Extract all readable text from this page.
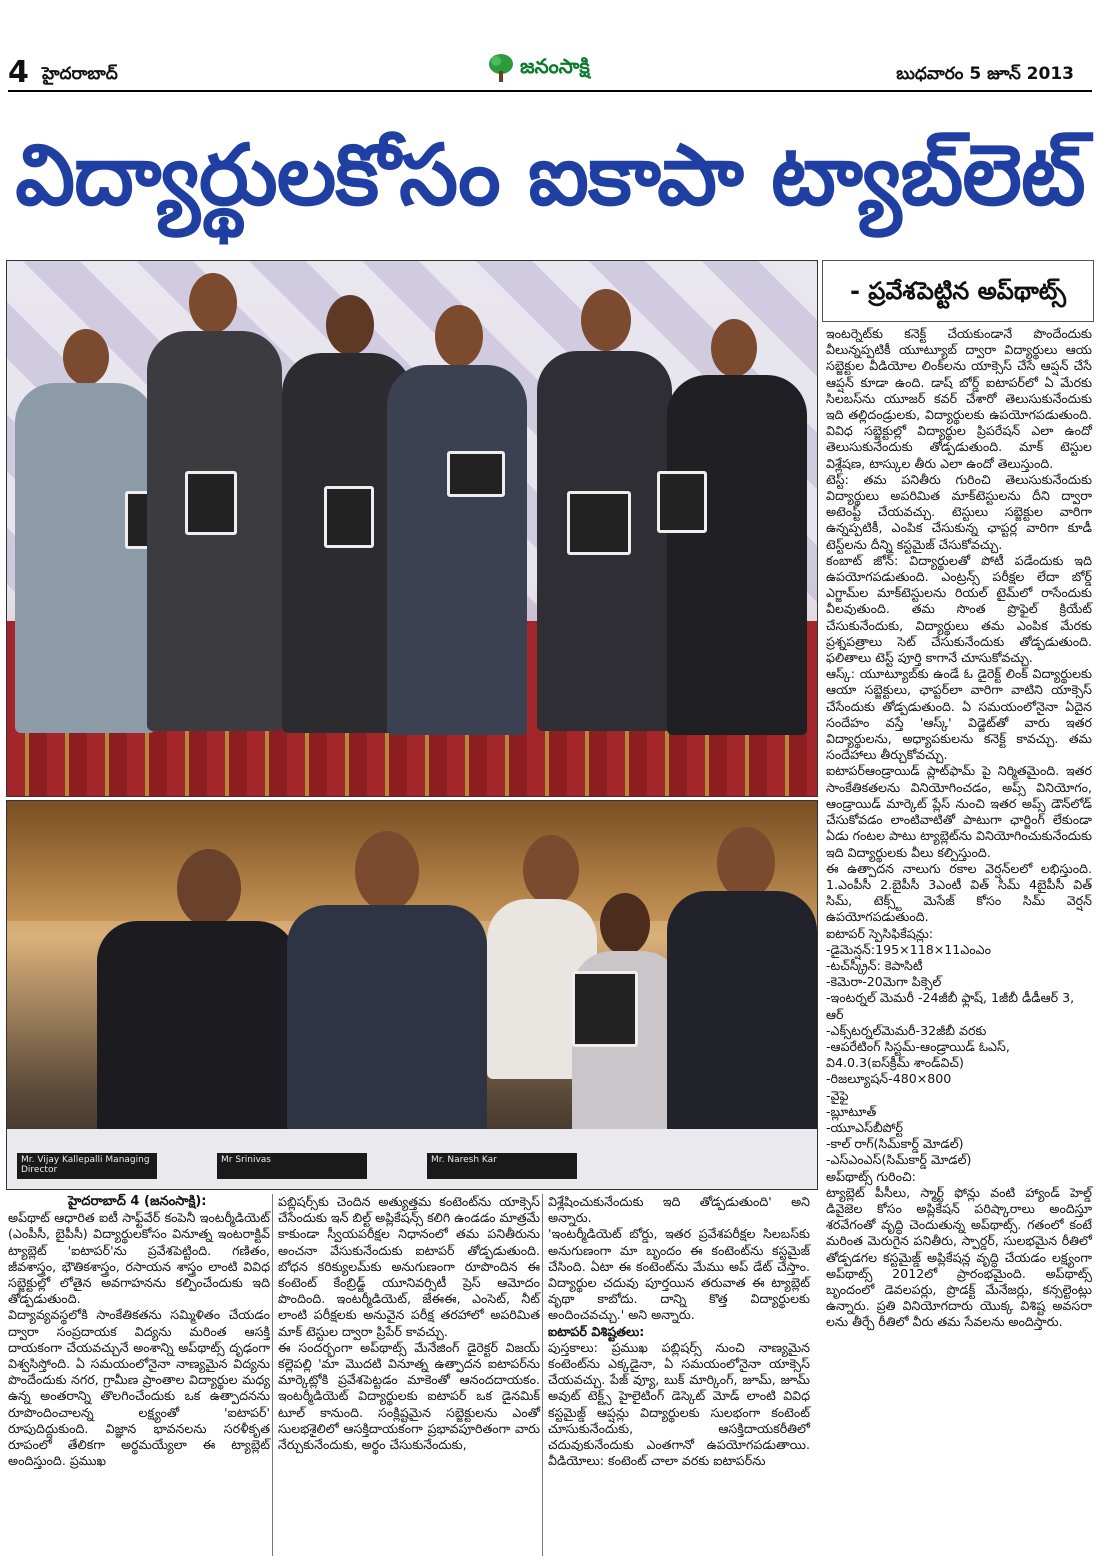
4 హైదరాబాద్	జనంసాక్షి	బుధవారం 5 జూన్ 2013
విద్యార్థులకోసం ఐకాపా ట్యాబ్‌లెట్
Mr. Vijay Kallepalli Managing Director
Mr Srinivas	Mr. Naresh Kar
- ప్రవేశపెట్టిన అప్‌థాట్స్

ఇంటర్నెట్‌కు కనెక్ట్ చేయకుండానే పొందేందుకు వీలున్నప్పటికీ యూట్యూబ్ ద్వారా విద్యార్థులు ఆయ సబ్జెక్టుల వీడియోల లింక్‌లను యాక్సెస్ చేసే ఆప్షన్ చేసే ఆప్షన్ కూడా ఉంది. డాష్ బోర్డ్ ఐటాపర్‌లో ఏ మేరకు సిలబస్‌ను యూజర్ కవర్ చేశారో తెలుసుకునేందుకు ఇది తల్లిదండ్రులకు, విద్యార్థులకు ఉపయోగపడుతుంది. వివిధ సబ్జెక్టుల్లో విద్యార్థుల ప్రిపరేషన్ ఎలా ఉందో తెలుసుకునేందుకు తోడ్పడుతుంది. మాక్ టెస్టుల విశ్లేషణ, టాస్కుల తీరు ఎలా ఉందో తెలుస్తుంది.

టెస్ట్: తమ పనితీరు గురించి తెలుసుకునేందుకు విద్యార్థులు అపరిమిత మాక్‌టెస్టులను దీని ద్వారా అటెంప్ట్ చేయవచ్చు. టెస్టులు సబ్జెక్టుల వారిగా ఉన్నప్పటికీ, ఎంపిక చేసుకున్న ఛాప్టర్ల వారిగా కూడీ టెస్ట్‌లను దీన్ని కస్టమైజ్ చేసుకోవచ్చు.

కంబాట్ జోన్: విద్యార్థులతో పోటీ పడేందుకు ఇది ఉపయోగపడుతుంది. ఎంట్రన్స్ పరీక్షల లేదా బోర్డ్ ఎగ్జామ్‌ల మాక్‌టెస్టులను రియల్ టైమ్‌లో రాసేందుకు వీలవుతుంది. తమ సొంత ప్రొఫైల్ క్రియేట్ చేసుకునేందుకు, విద్యార్థులు తమ ఎంపిక మేరకు ప్రశ్నపత్రాలు సెట్ చేసుకునేందుకు తోడ్పడుతుంది. ఫలితాలు టెస్ట్ పూర్తి కాగానే చూసుకోవచ్చు.

ఆస్క్: యూట్యూబ్‌కు ఉండే ఓ డైరెక్ట్ లింక్ విద్యార్థులకు ఆయా సబ్జెక్టులు, ఛాప్టర్‌లా వారిగా వాటిని యాక్సెస్ చేసేందుకు తోడ్పడుతుంది. ఏ సమయంలోనైనా ఏదైన సందేహం వస్తే 'ఆస్క్' విడ్జెట్‌తో వారు ఇతర విద్యార్థులను, అధ్యాపకులను కనెక్ట్ కావచ్చు. తమ సందేహాలు తీర్చుకోవచ్చు.

ఐటాపర్‌ఆండ్రాయిడ్ ప్లాట్‌ఫామ్‌ పై నిర్మితమైంది. ఇతర సాంకేతికతలను వినియోగించడం, అప్స్ వినియోగం, ఆండ్రాయిడ్ మార్కెట్ ప్లేస్ నుంచి ఇతర అప్స్ డౌన్‌లోడ్ చేసుకోవడం లాంటివాటితో పాటుగా ఛార్జింగ్ లేకుండా ఏడు గంటల పాటు ట్యాబ్లెట్‌ను వినియోగించుకునేందుకు ఇది విద్యార్థులకు వీలు కల్పిస్తుంది.

ఈ ఉత్పాదన నాలుగు రకాల వెర్షన్‌లలో లభిస్తుంది. 1.ఎంపీసీ 2.బైపీసీ 3ఎంటీ విత్ సిమ్ 4బైపీసీ విత్ సిమ్, టెక్స్ట్ మెసేజ్ కోసం సిమ్ వెర్షన్ ఉపయోగపడుతుంది.

ఐటాపర్ స్పెసిఫికేషన్లు:

-డైమెన్షన్:195×118×11ఎంఎం
-టచ్‌స్క్రీన్: కెపాసిటీ
-కెమెరా-20మెగా పిక్సెల్
-ఇంటర్నల్ మెమరీ -24జీబీ ఫ్లాష్, 1జీబీ డీడీఆర్ 3, ఆర్
-ఎక్స్‌టర్నల్‌మెమరీ-32జీబీ వరకు
-ఆపరేటింగ్ సిస్టమ్-ఆండ్రాయిడ్ ఓఎస్, వి4.0.3(ఐస్‌క్రీమ్ శాండ్‌విచ్)
-రిజల్యూషన్-480×800
-వైఫై
-బ్లూటూత్
-యూఎస్‌బీపోర్ట్
-కాల్ రాగ్(సిమ్‌కార్డ్ మోడల్)
-ఎస్ఎంఎస్(సిమ్‌కార్డ్ మోడల్)

అప్‌థాట్స్ గురించి:

ట్యాబ్లెట్ పీసీలు, స్మార్ట్ ఫోన్లు వంటి హ్యాండ్ హెల్డ్ డివైజెల కోసం అప్లికేషన్ పరిష్కారాలు అందిస్తూ శరవేగంతో వృద్ధి చెందుతున్న అప్‌థాట్స్. గతంలో కంటే మరింత మెరుగైన పనితీరు, స్పార్డర్, సులభమైన రీతిలో తోడ్పడగల కస్టమైజ్డ్ అప్లికేషన్ల వృద్ధి చేయడం లక్ష్యంగా అప్‌థాట్స్ 2012లో ప్రారంభమైంది. అప్‌థాట్స్ బృందంలో డెవలపర్లు, ప్రొడక్ట్ మేనేజర్లు, కన్సల్టెంట్లు ఉన్నారు. ప్రతి వినియోగదారు యొక్క విశిష్ట అవసరా లను తీర్చే రీతిలో వీరు తమ సేవలను అందిస్తారు.

హైదరాబాద్ 4 (జనంసాక్షి):

అప్‌థాట్ ఆధారిత ఐటీ సాఫ్ట్‌వేర్ కంపెనీ ఇంటర్మీడియెట్ (ఎంపీసీ, బైపీసీ) విద్యార్థులకోసం వినూత్న ఇంటరాక్టివ్ ట్యాబ్లెట్ 'ఐటాపర్'ను ప్రవేశపెట్టింది. గణితం, జీవశాస్త్రం, భౌతికశాస్త్రం, రసాయన శాస్త్రం లాంటి వివిధ సబ్జెక్టుల్లో లోతైన అవగాహనను కల్పించేందుకు ఇది తోడ్పడుతుంది.

విద్యావ్యవస్థలోకి సాంకేతికతను సమ్మిళితం చేయడం ద్వారా సంప్రదాయక విద్యను మరింత ఆసక్తి దాయకంగా చేయవచ్చునే అంశాన్ని అప్‌థాట్స్ దృఢంగా విశ్వసిస్తోంది. ఏ సమయంలోనైనా నాణ్యమైన విద్యను పొందేందుకు నగర, గ్రామీణ ప్రాంతాల విద్యార్థుల మధ్య ఉన్న అంతరాన్ని తొలగించేందుకు ఒక ఉత్పాదనను రూపొందించాలన్న లక్ష్యంతో 'ఐటాపర్' రూపుదిద్దుకుంది. విజ్ఞాన భావనలను సరళీకృత రూపంలో తేలికగా అర్థమయ్యేలా ఈ ట్యాబ్లెట్ అందిస్తుంది. ప్రముఖ

పబ్లిషర్స్‌కు చెందిన అత్యుత్తమ కంటెంట్‌ను యాక్సెస్ చేసేందుకు ఇన్ బిల్ట్ అప్లికేషన్స్ కలిగి ఉండడం మాత్రమే కాకుండా స్వీయపరీక్షల నిధానంలో తమ పనితీరును అంచనా వేసుకునేందుకు ఐటాపర్ తోడ్పడుతుంది. బోధన కరిక్యులమ్‌కు అనుగుణంగా రూపొందిన ఈ కంటెంట్ కేంబ్రిడ్జ్ యూనివర్సిటీ ప్రెస్ ఆమోదం పొందింది. ఇంటర్మీడియెట్, జేఈఈ, ఎంసెట్, నీట్ లాంటి పరీక్షలకు అనువైన పరీక్ష తరహాలో అపరిమిత మాక్ టెస్టుల ద్వారా ప్రిపేర్ కావచ్చు.

ఈ సందర్భంగా అప్‌థాట్స్ మేనేజింగ్ డైరెక్టర్ విజయ్ కల్లెపల్లి 'మా మొదటి వినూత్న ఉత్పాదన ఐటాపర్‌ను మార్కెట్లోకి ప్రవేశపెట్టడం మాకెంతో ఆనందదాయకం. ఇంటర్మీడియెట్ విద్యార్థులకు ఐటాపర్ ఒక డైనమిక్ టూల్ కానుంది. సంక్లిష్టమైన సబ్జెక్టులను ఎంతో సులభశైలిలో ఆసక్తిదాయకంగా ప్రభావపూరితంగా వారు నేర్చుకునేందుకు, అర్థం చేసుకునేందుకు,

విశ్లేషించుకునేందుకు ఇది తోడ్పడుతుంది' అని అన్నారు.

'ఇంటర్మీడియెట్ బోర్డు, ఇతర ప్రవేశపరీక్షల సిలబస్‌కు అనుగుణంగా మా బృందం ఈ కంటెంట్‌ను కస్టమైజ్ చేసింది. ఏటా ఈ కంటెంట్‌ను మేము అప్ డేట్ చేస్తాం. విద్యార్థుల చదువు పూర్తయిన తరువాత ఈ ట్యాబ్లెట్ వృథా కాబోదు. దాన్ని కొత్త విద్యార్థులకు అందించవచ్చు.' అని అన్నారు.

ఐటాపర్ విశిష్టతలు:

పుస్తకాలు: ప్రముఖ పబ్లిషర్స్ నుంచి నాణ్యమైన కంటెంట్‌ను ఎక్కడైనా, ఏ సమయంలోనైనా యాక్సెస్ చేయవచ్చు. పేజ్ వ్యూ, బుక్ మార్కింగ్, జూమ్, జూమ్ అవుట్ టెక్ట్స్ హైలైటింగ్ డెస్కెట్ మోడ్ లాంటి వివిధ కస్టమైజ్డ్ ఆప్షన్లు విద్యార్థులకు సులభంగా కంటెంట్ చూసుకునేందుకు, ఆసక్తిదాయకరీతిలో చదువుకునేందుకు ఎంతగానో ఉపయోగపడుతాయి. వీడియోలు: కంటెంట్ చాలా వరకు ఐటాపర్‌ను
